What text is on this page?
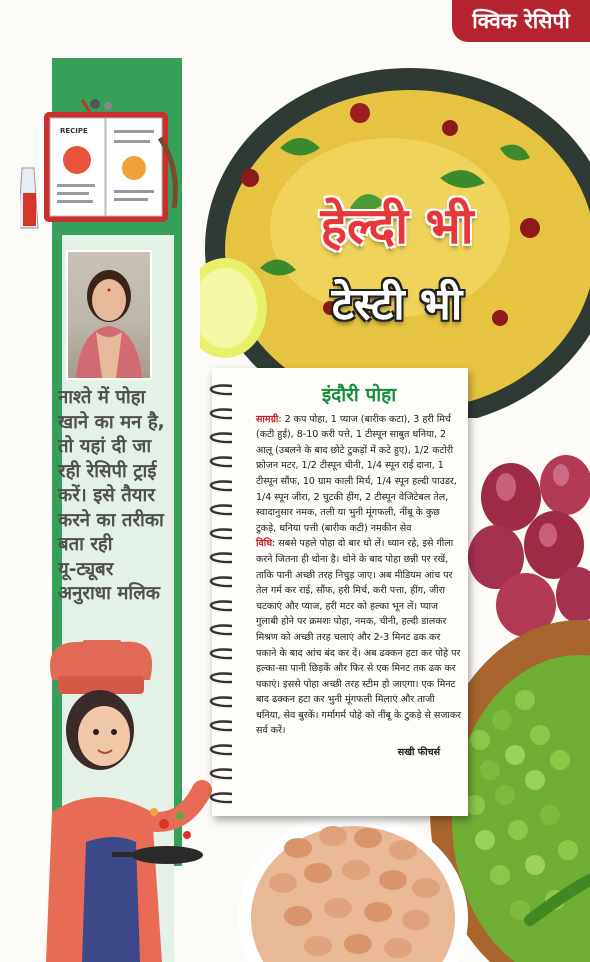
क्विक रेसिपी
हेल्दी भी
टेस्टी भी
RECIPE
नाश्ते में पोहा
खाने का मन है,
तो यहां दी जा
रही रेसिपी ट्राई
करें। इसे तैयार
करने का तरीका
बता रही
यू-ट्यूबर
अनुराधा मलिक
इंदौरी पोहा

सामग्री: 2 कप पोहा, 1 प्याज (बारीक कटा), 3 हरी मिर्च (कटी हुई), 8-10 करी पत्ते, 1 टीस्पून साबुत धनिया, 2 आलू (उबलने के बाद छोटे टुकड़ों में कटे हुए), 1/2 कटोरी फ्रोजन मटर, 1/2 टीस्पून चीनी, 1/4 स्पून राई दाना, 1 टीस्पून सौंफ, 10 ग्राम काली मिर्च, 1/4 स्पून हल्दी पाउडर, 1/4 स्पून जीरा, 2 चुटकी हींग, 2 टीस्पून वेजिटेबल तेल, स्वादानुसार नमक, तली या भुनी मूंगफली, नींबू के कुछ टुकड़े, धनिया पत्ती (बारीक कटी) नमकीन सेव

विधि: सबसे पहले पोहा दो बार धो लें। ध्यान रहे, इसे गीला करने जितना ही धोना है। धोने के बाद पोहा छन्नी पर रखें, ताकि पानी अच्छी तरह निचुड़ जाए। अब मीडियम आंच पर तेल गर्म कर राई, सौंफ, हरी मिर्च, करी पत्ता, हींग, जीरा चटकाएं और प्याज, हरी मटर को हल्का भून लें। प्याज गुलाबी होने पर क्रमशः पोहा, नमक, चीनी, हल्दी डालकर मिश्रण को अच्छी तरह चलाएं और 2-3 मिनट ढक कर पकाने के बाद आंच बंद कर दें। अब ढक्कन हटा कर पोहे पर हल्का-सा पानी छिड़कें और फिर से एक मिनट तक ढक कर पकाएं। इससे पोहा अच्छी तरह स्टीम हो जाएगा। एक मिनट बाद ढक्कन हटा कर भुनी मूंगफली मिलाएं और ताजी धनिया, सेव बुरकें। गर्मागर्म पोहे को नींबू के टुकड़े से सजाकर सर्व करें।

सखी फीचर्स
